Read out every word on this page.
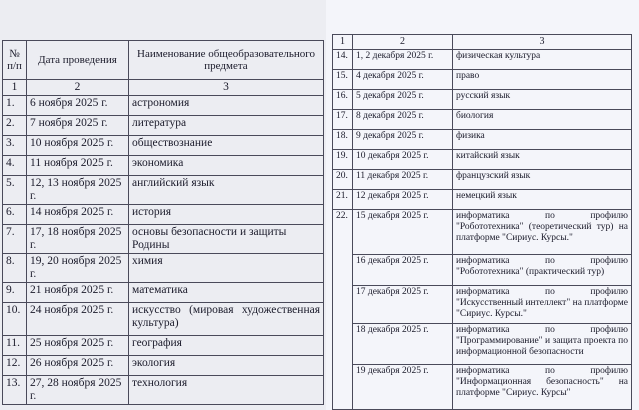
№ п/п	Дата проведения	Наименование общеобразовательного предмета
1	2	3
1.	6 ноября 2025 г.	астрономия
2.	7 ноября 2025 г.	литература
3.	10 ноября 2025 г.	обществознание
4.	11 ноября 2025 г.	экономика
5.	12, 13 ноября 2025 г.	английский язык
6.	14 ноября 2025 г.	история
7.	17, 18 ноября 2025 г.	основы безопасности и защиты Родины
8.	19, 20 ноября 2025 г.	химия
9.	21 ноября 2025 г.	математика
10.	24 ноября 2025 г.	искусство (мировая художественная культура)
11.	25 ноября 2025 г.	география
12.	26 ноября 2025 г.	экология
13.	27, 28 ноября 2025 г.	технология
1	2	3
14.	1, 2 декабря 2025 г.	физическая культура
15.	4 декабря 2025 г.	право
16.	5 декабря 2025 г.	русский язык
17.	8 декабря 2025 г.	биология
18.	9 декабря 2025 г.	физика
19.	10 декабря 2025 г.	китайский язык
20.	11 декабря 2025 г.	французский язык
21.	12 декабря 2025 г.	немецкий язык
22.	15 декабря 2025 г.	информатика по профилю "Робототехника" (теоретический тур) на платформе "Сириус. Курсы."
	16 декабря 2025 г.	информатика по профилю "Робототехника" (практический тур)
	17 декабря 2025 г.	информатика по профилю "Искусственный интеллект" на платформе "Сириус. Курсы."
	18 декабря 2025 г.	информатика по профилю "Программирование" и защита проекта по информационной безопасности
	19 декабря 2025 г.	информатика по профилю "Информационная безопасность" на платформе "Сириус. Курсы"
